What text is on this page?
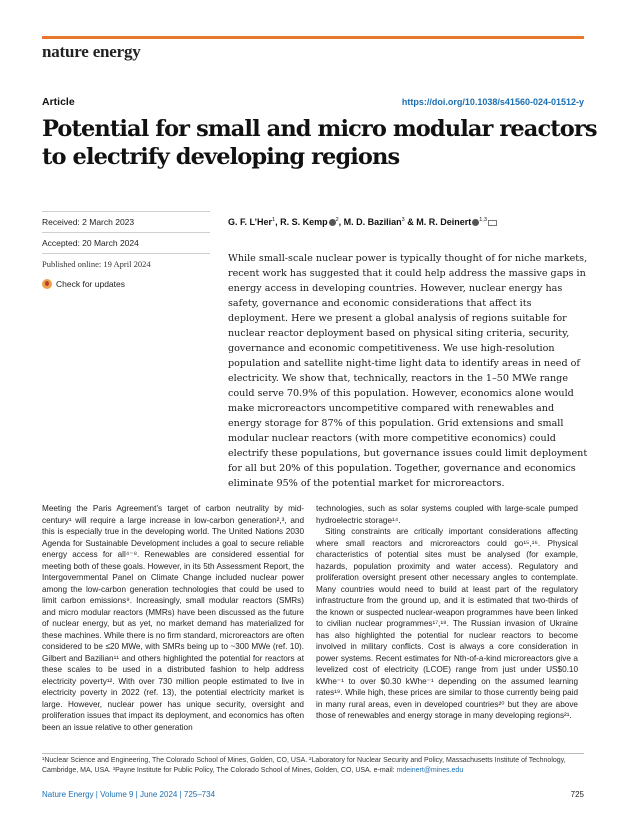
nature energy
Article	https://doi.org/10.1038/s41560-024-01512-y
Potential for small and micro modular reactors to electrify developing regions
Received: 2 March 2023
Accepted: 20 March 2024
Published online: 19 April 2024
Check for updates
G. F. L’Her$^1$, R. S. Kemp $^2$, M. D. Bazilian$^3$ & M. R. Deinert $^{1,3}$

While small-scale nuclear power is typically thought of for niche markets, recent work has suggested that it could help address the massive gaps in energy access in developing countries. However, nuclear energy has safety, governance and economic considerations that affect its deployment. Here we present a global analysis of regions suitable for nuclear reactor deployment based on physical siting criteria, security, governance and economic competitiveness. We use high-resolution population and satellite night-time light data to identify areas in need of electricity. We show that, technically, reactors in the 1–50 MWe range could serve 70.9% of this population. However, economics alone would make microreactors uncompetitive compared with renewables and energy storage for 87% of this population. Grid extensions and small modular nuclear reactors (with more competitive economics) could electrify these populations, but governance issues could limit deployment for all but 20% of this population. Together, governance and economics eliminate 95% of the potential market for microreactors.

Meeting the Paris Agreement’s target of carbon neutrality by mid-century¹ will require a large increase in low-carbon generation²,³, and this is especially true in the developing world. The United Nations 2030 Agenda for Sustainable Development includes a goal to secure reliable energy access for all⁴⁻⁸. Renewables are considered essential for meeting both of these goals. However, in its 5th Assessment Report, the Intergovernmental Panel on Climate Change included nuclear power among the low-carbon generation technologies that could be used to limit carbon emissions⁹. Increasingly, small modular reactors (SMRs) and micro modular reactors (MMRs) have been discussed as the future of nuclear energy, but as yet, no market demand has materialized for these machines. While there is no firm standard, microreactors are often considered to be ≤20 MWe, with SMRs being up to ~300 MWe (ref. 10). Gilbert and Bazilian¹¹ and others highlighted the potential for reactors at these scales to be used in a distributed fashion to help address electricity poverty¹². With over 730 million people estimated to live in electricity poverty in 2022 (ref. 13), the potential electricity market is large. However, nuclear power has unique security, oversight and proliferation issues that impact its deployment, and economics has often been an issue relative to other generation

technologies, such as solar systems coupled with large-scale pumped hydroelectric storage¹⁴.

Siting constraints are critically important considerations affecting where small reactors and microreactors could go¹⁵,¹⁶. Physical characteristics of potential sites must be analysed (for example, hazards, population proximity and water access). Regulatory and proliferation oversight present other necessary angles to contemplate. Many countries would need to build at least part of the regulatory infrastructure from the ground up, and it is estimated that two-thirds of the known or suspected nuclear-weapon programmes have been linked to civilian nuclear programmes¹⁷,¹⁸. The Russian invasion of Ukraine has also highlighted the potential for nuclear reactors to become involved in military conflicts. Cost is always a core consideration in power systems. Recent estimates for Nth-of-a-kind microreactors give a levelized cost of electricity (LCOE) range from just under US$0.10 kWhe⁻¹ to over $0.30 kWhe⁻¹ depending on the assumed learning rates¹⁹. While high, these prices are similar to those currently being paid in many rural areas, even in developed countries²⁰ but they are above those of renewables and energy storage in many developing regions²¹.

¹Nuclear Science and Engineering, The Colorado School of Mines, Golden, CO, USA. ²Laboratory for Nuclear Security and Policy, Massachusetts Institute of Technology, Cambridge, MA, USA. ³Payne Institute for Public Policy, The Colorado School of Mines, Golden, CO, USA. e-mail: mdeinert@mines.edu
Nature Energy | Volume 9 | June 2024 | 725–734	725
